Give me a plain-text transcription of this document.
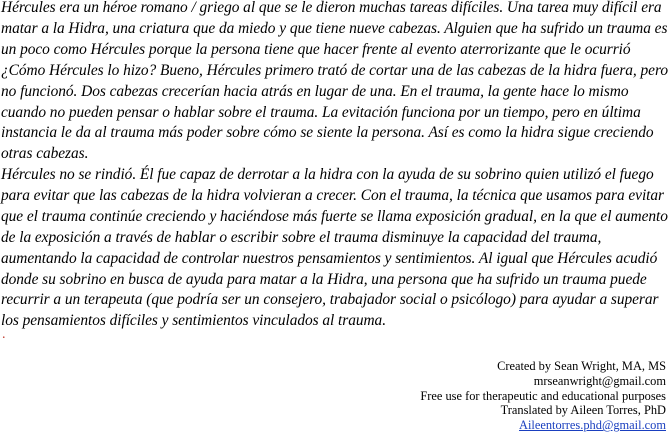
Hércules era un héroe romano / griego al que se le dieron muchas tareas difíciles. Una tarea muy difícil era matar a la Hidra, una criatura que da miedo y que tiene nueve cabezas. Alguien que ha sufrido un trauma es un poco como Hércules porque la persona tiene que hacer frente al evento aterrorizante que le ocurrió ¿Cómo Hércules lo hizo? Bueno, Hércules primero trató de cortar una de las cabezas de la hidra fuera, pero no funcionó. Dos cabezas crecerían hacia atrás en lugar de una. En el trauma, la gente hace lo mismo cuando no pueden pensar o hablar sobre el trauma. La evitación funciona por un tiempo, pero en última instancia le da al trauma más poder sobre cómo se siente la persona. Así es como la hidra sigue creciendo otras cabezas.

Hércules no se rindió. Él fue capaz de derrotar a la hidra con la ayuda de su sobrino quien utilizó el fuego para evitar que las cabezas de la hidra volvieran a crecer. Con el trauma, la técnica que usamos para evitar que el trauma continúe creciendo y haciéndose más fuerte se llama exposición gradual, en la que el aumento de la exposición a través de hablar o escribir sobre el trauma disminuye la capacidad del trauma, aumentando la capacidad de controlar nuestros pensamientos y sentimientos. Al igual que Hércules acudió donde su sobrino en busca de ayuda para matar a la Hidra, una persona que ha sufrido un trauma puede recurrir a un terapeuta (que podría ser un consejero, trabajador social o psicólogo) para ayudar a superar los pensamientos difíciles y sentimientos vinculados al trauma.

.
Created by Sean Wright, MA, MS
mrseanwright@gmail.com
Free use for therapeutic and educational purposes
Translated by Aileen Torres, PhD
Aileentorres.phd@gmail.com
